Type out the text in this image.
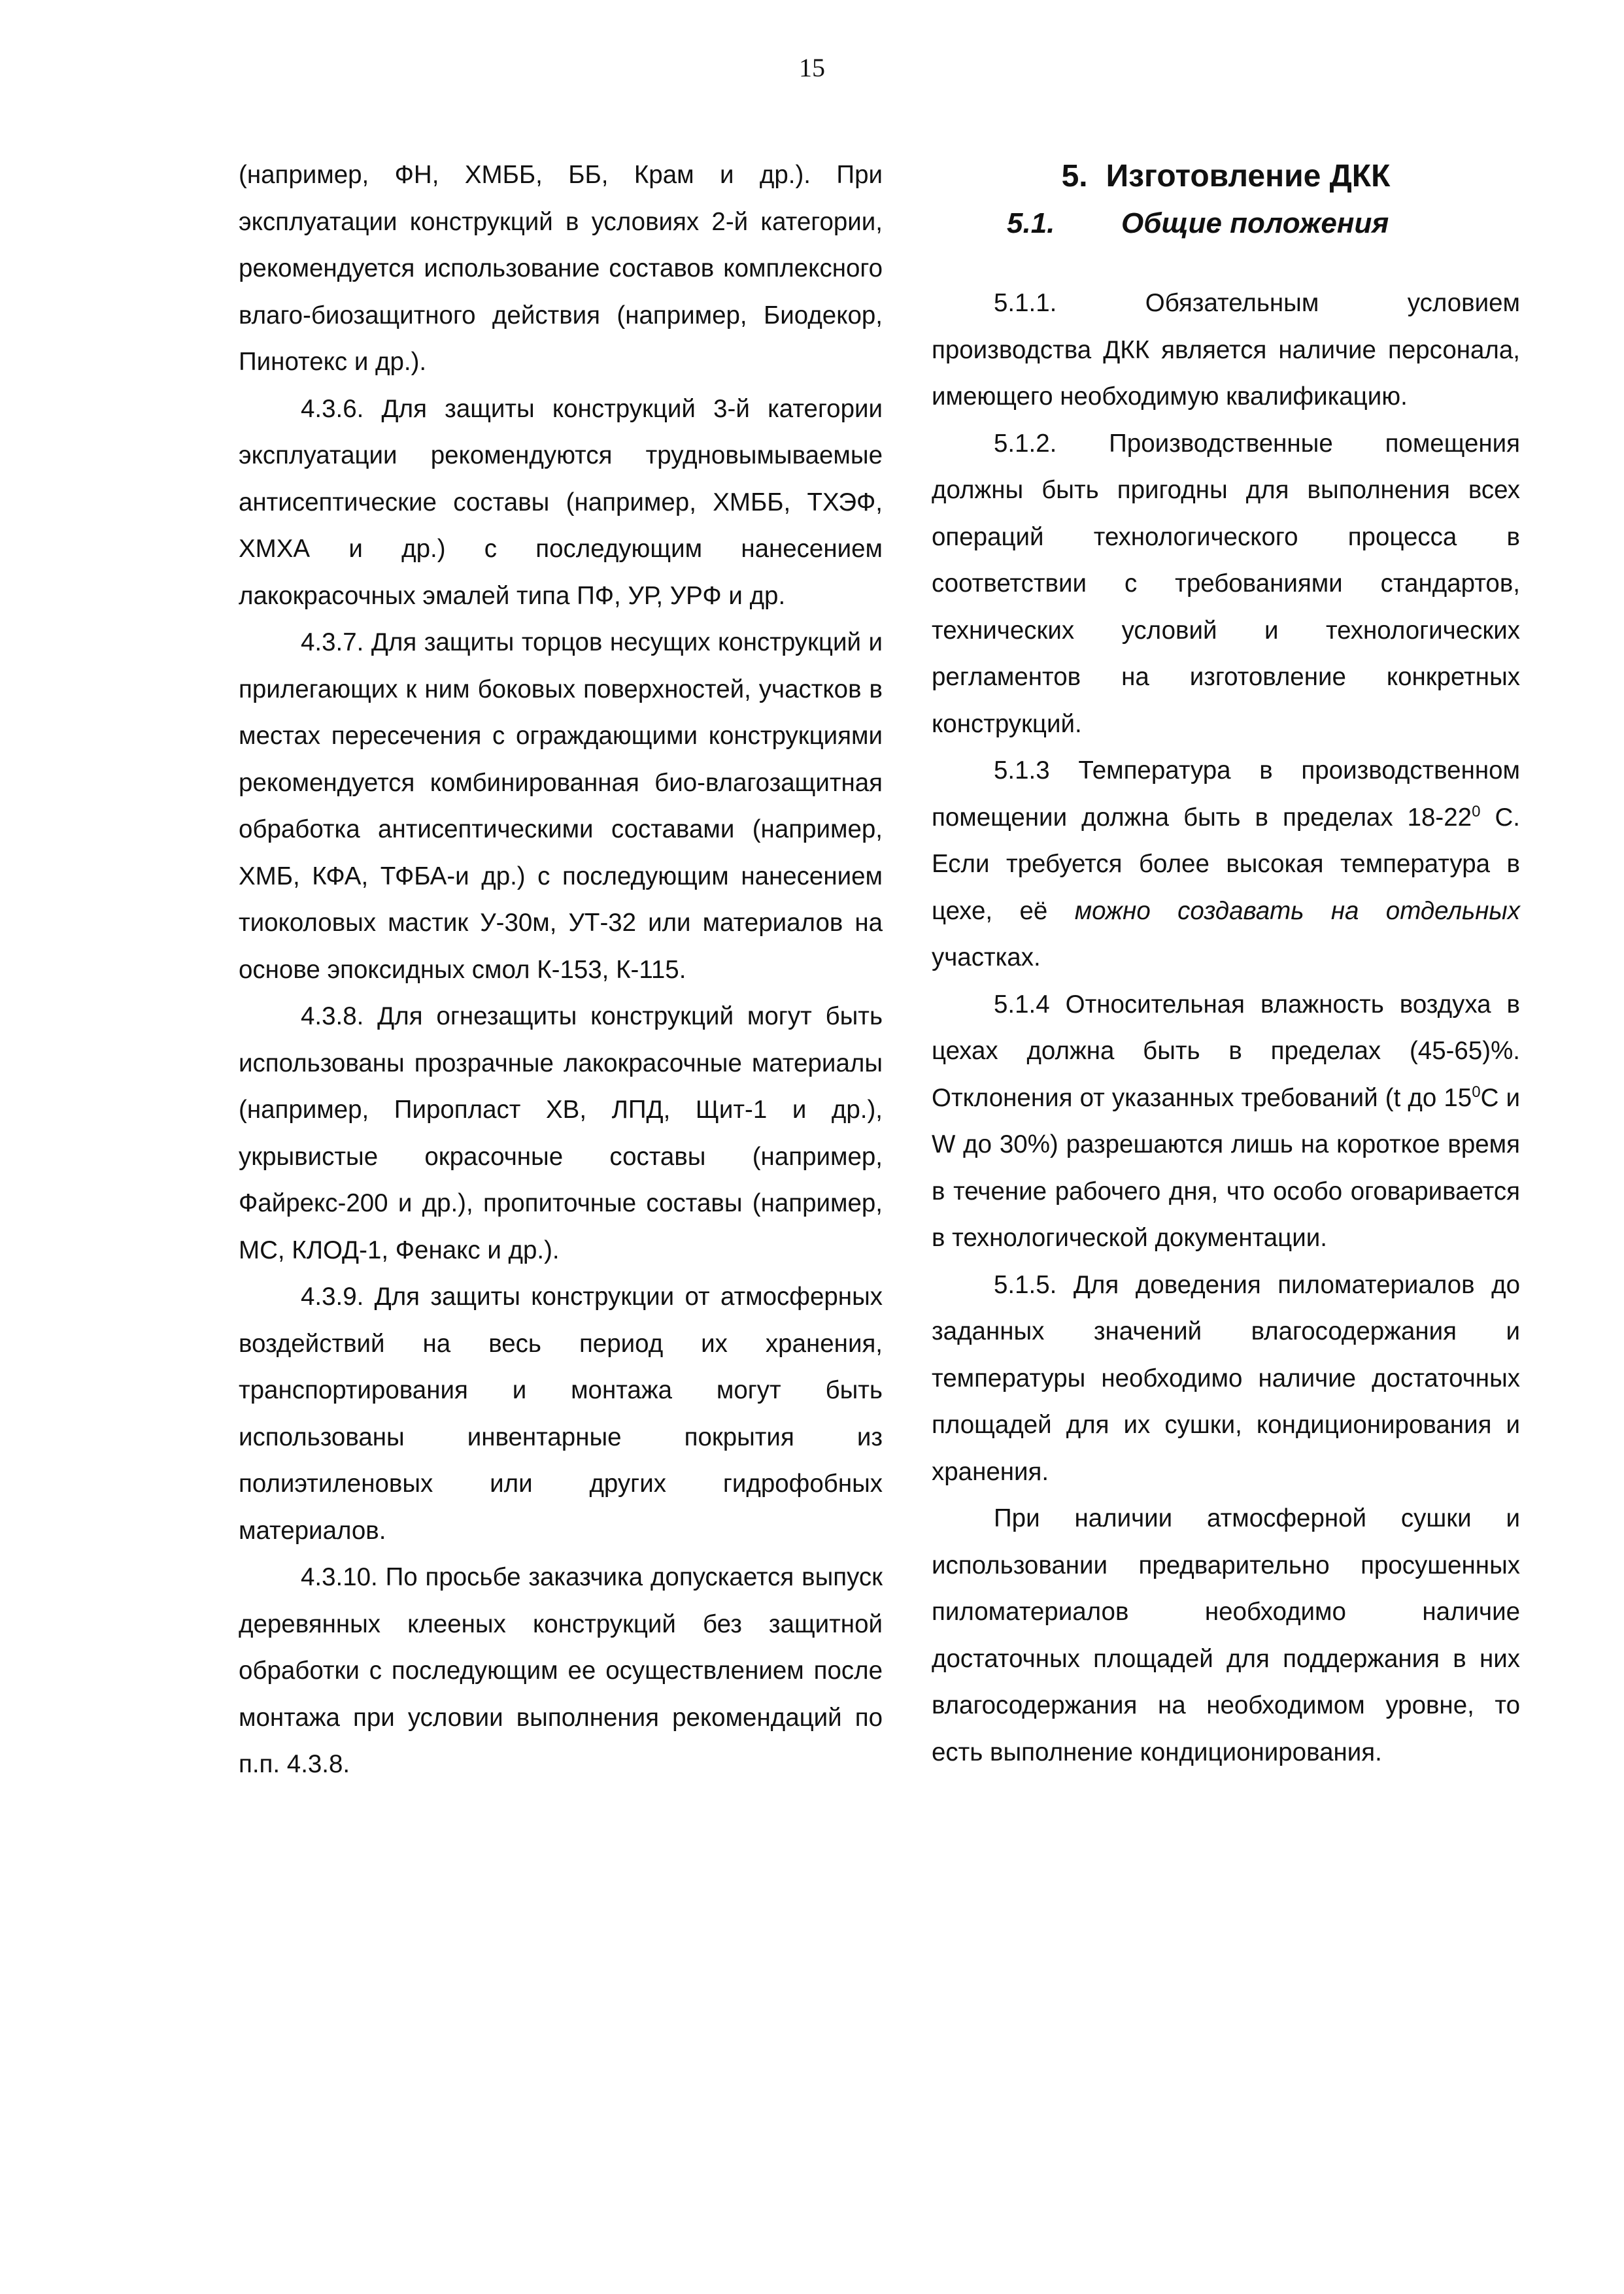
15

(например, ФН, ХМББ, ББ, Крам и др.). При эксплуатации конструкций в условиях 2-й категории, рекомендуется использование составов комплексного влаго-биозащитного действия (например, Биодекор, Пинотекс и др.).

4.3.6. Для защиты конструкций 3-й категории эксплуатации рекомендуются трудновымываемые антисептические составы (например, ХМББ, ТХЭФ, ХМХА и др.) с последующим нанесением лакокрасочных эмалей типа ПФ, УР, УРФ и др.

4.3.7. Для защиты торцов несущих конструкций и прилегающих к ним боковых поверхностей, участков в местах пересечения с ограждающими конструкциями рекомендуется комбинированная био-влагозащитная обработка антисептическими составами (например, ХМБ, КФА, ТФБА-и др.) с последующим нанесением тиоколовых мастик У-30м, УТ-32 или материалов на основе эпоксидных смол К-153, К-115.

4.3.8. Для огнезащиты конструкций могут быть использованы прозрачные лакокрасочные материалы (например, Пиропласт ХВ, ЛПД, Щит-1 и др.), укрывистые окрасочные составы (например, Файрекс-200 и др.), пропиточные составы (например, МС, КЛОД-1, Фенакс и др.).

4.3.9. Для защиты конструкции от атмосферных воздействий на весь период их хранения, транспортирования и монтажа могут быть использованы инвентарные покрытия из полиэтиленовых или других гидрофобных материалов.

4.3.10. По просьбе заказчика допускается выпуск деревянных клееных конструкций без защитной обработки с последующим ее осуществлением после монтажа при условии выполнения рекомендаций по п.п. 4.3.8.

5. Изготовление ДКК
5.1. Общие положения

5.1.1. Обязательным условием производства ДКК является наличие персонала, имеющего необходимую квалификацию.

5.1.2. Производственные помещения должны быть пригодны для выполнения всех операций технологического процесса в соответствии с требованиями стандартов, технических условий и технологических регламентов на изготовление конкретных конструкций.

5.1.3 Температура в производственном помещении должна быть в пределах $18-22^0$ С. Если требуется более высокая температура в цехе, её можно создавать на отдельных участках.

5.1.4 Относительная влажность воздуха в цехах должна быть в пределах (45-65)%. Отклонения от указанных требований (t до $15^0С$ и W до 30%) разрешаются лишь на короткое время в течение рабочего дня, что особо оговаривается в технологической документации.

5.1.5. Для доведения пиломатериалов до заданных значений влагосодержания и температуры необходимо наличие достаточных площадей для их сушки, кондиционирования и хранения.

При наличии атмосферной сушки и использовании предварительно просушенных пиломатериалов необходимо наличие достаточных площадей для поддержания в них влагосодержания на необходимом уровне, то есть выполнение кондиционирования.
